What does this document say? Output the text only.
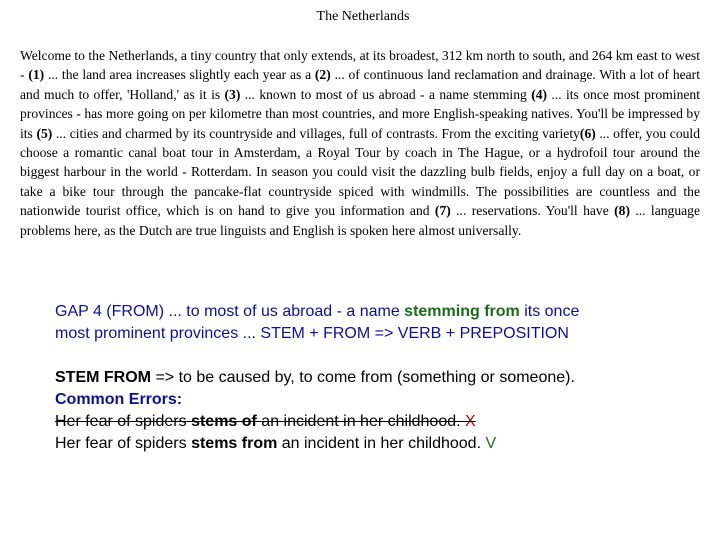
The Netherlands
Welcome to the Netherlands, a tiny country that only extends, at its broadest, 312 km north to south, and 264 km east to west - (1) ... the land area increases slightly each year as a (2) ... of continuous land reclamation and drainage. With a lot of heart and much to offer, 'Holland,' as it is (3) ... known to most of us abroad - a name stemming (4) ... its once most prominent provinces - has more going on per kilometre than most countries, and more English-speaking natives. You'll be impressed by its (5) ... cities and charmed by its countryside and villages, full of contrasts. From the exciting variety(6) ... offer, you could choose a romantic canal boat tour in Amsterdam, a Royal Tour by coach in The Hague, or a hydrofoil tour around the biggest harbour in the world - Rotterdam. In season you could visit the dazzling bulb fields, enjoy a full day on a boat, or take a bike tour through the pancake-flat countryside spiced with windmills. The possibilities are countless and the nationwide tourist office, which is on hand to give you information and (7) ... reservations. You'll have (8) ... language problems here, as the Dutch are true linguists and English is spoken here almost universally.
GAP 4 (FROM) ... to most of us abroad - a name stemming from its once
most prominent provinces ... STEM + FROM => VERB + PREPOSITION
STEM FROM => to be caused by, to come from (something or someone).
Common Errors:
Her fear of spiders stems of an incident in her childhood. X
Her fear of spiders stems from an incident in her childhood. V
